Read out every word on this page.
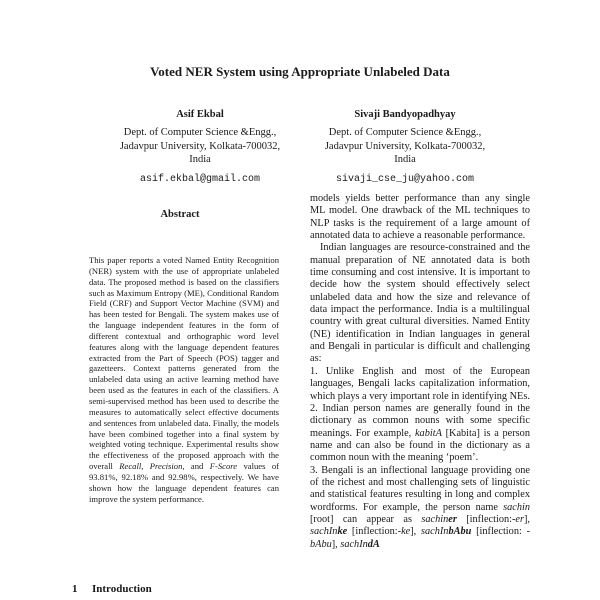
Voted NER System using Appropriate Unlabeled Data
Asif Ekbal
Dept. of Computer Science &Engg.,
Jadavpur University, Kolkata-700032,
India
asif.ekbal@gmail.com
Sivaji Bandyopadhyay
Dept. of Computer Science &Engg.,
Jadavpur University, Kolkata-700032,
India
sivaji_cse_ju@yahoo.com
Abstract

This paper reports a voted Named Entity Recognition (NER) system with the use of appropriate unlabeled data. The proposed method is based on the classifiers such as Maximum Entropy (ME), Conditional Random Field (CRF) and Support Vector Machine (SVM) and has been tested for Bengali. The system makes use of the language independent features in the form of different contextual and orthographic word level features along with the language dependent features extracted from the Part of Speech (POS) tagger and gazetteers. Context patterns generated from the unlabeled data using an active learning method have been used as the features in each of the classifiers. A semi-supervised method has been used to describe the measures to automatically select effective documents and sentences from unlabeled data. Finally, the models have been combined together into a final system by weighted voting technique. Experimental results show the effectiveness of the proposed approach with the overall Recall, Precision, and F-Score values of 93.81%, 92.18% and 92.98%, respectively. We have shown how the language dependent features can improve the system performance.

1 Introduction

models yields better performance than any single ML model. One drawback of the ML techniques to NLP tasks is the requirement of a large amount of annotated data to achieve a reasonable performance.

Indian languages are resource-constrained and the manual preparation of NE annotated data is both time consuming and cost intensive. It is important to decide how the system should effectively select unlabeled data and how the size and relevance of data impact the performance. India is a multilingual country with great cultural diversities. Named Entity (NE) identification in Indian languages in general and Bengali in particular is difficult and challenging as:

1. Unlike English and most of the European languages, Bengali lacks capitalization information, which plays a very important role in identifying NEs.

2. Indian person names are generally found in the dictionary as common nouns with some specific meanings. For example, kabitA [Kabita] is a person name and can also be found in the dictionary as a common noun with the meaning ‘poem’.

3. Bengali is an inflectional language providing one of the richest and most challenging sets of linguistic and statistical features resulting in long and complex wordforms. For example, the person name sachin [root] can appear as sachiner [inflection:-er], sachInke [inflection:-ke], sachInbAbu [inflection: -bAbu], sachIndA
